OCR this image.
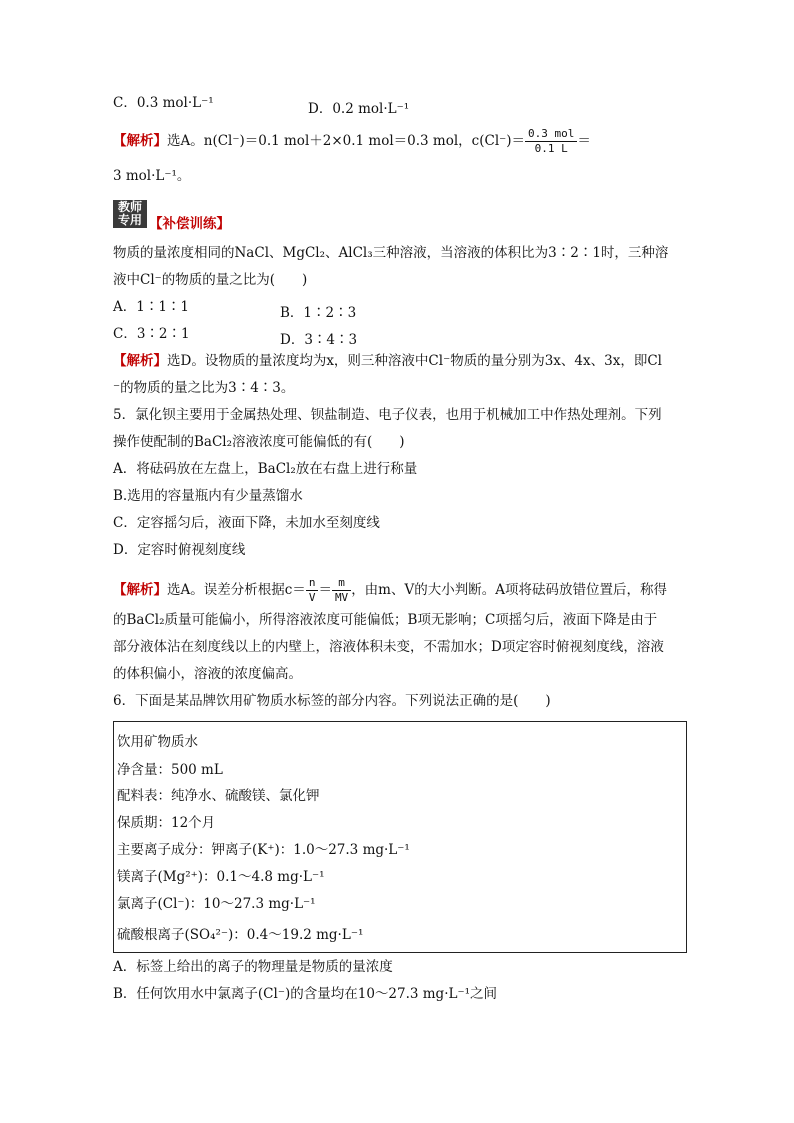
C．0.3 mol·L⁻¹	D．0.2 mol·L⁻¹
【解析】选A。n(Cl⁻)＝0.1 mol＋2×0.1 mol＝0.3 mol，$c(Cl^-)= \frac{\text{0.3 mol}}{0.1 L}$ ＝
3 mol·L⁻¹。
教师
专用 【补偿训练】
物质的量浓度相同的NaCl、MgCl₂、AlCl₃三种溶液，当溶液的体积比为3∶2∶1时，三种溶
液中Cl⁻的物质的量之比为(　　)
A．1∶1∶1	B．1∶2∶3
C．3∶2∶1	D．3∶4∶3
【解析】选D。设物质的量浓度均为x，则三种溶液中Cl⁻物质的量分别为3x、4x、3x，即Cl
⁻的物质的量之比为3∶4∶3。
5．氯化钡主要用于金属热处理、钡盐制造、电子仪表，也用于机械加工中作热处理剂。下列
操作使配制的BaCl₂溶液浓度可能偏低的有(　　)
A．将砝码放在左盘上，BaCl₂放在右盘上进行称量
B.选用的容量瓶内有少量蒸馏水
C．定容摇匀后，液面下降，未加水至刻度线
D．定容时俯视刻度线
【解析】选A。误差分析根据$c= \frac{n}{V} = \frac{m}{MV}$ ，由m、V的大小判断。A项将砝码放错位置后，称得
的BaCl₂质量可能偏小，所得溶液浓度可能偏低；B项无影响；C项摇匀后，液面下降是由于
部分液体沾在刻度线以上的内壁上，溶液体积未变，不需加水；D项定容时俯视刻度线，溶液
的体积偏小，溶液的浓度偏高。
6．下面是某品牌饮用矿物质水标签的部分内容。下列说法正确的是(　　)
饮用矿物质水
净含量：500 mL
配料表：纯净水、硫酸镁、氯化钾
保质期：12个月
主要离子成分：钾离子(K⁺)：1.0～27.3 mg·L⁻¹
镁离子(Mg²⁺)：0.1～4.8 mg·L⁻¹
氯离子(Cl⁻)：10～27.3 mg·L⁻¹
硫酸根离子(SO₄²⁻)：0.4～19.2 mg·L⁻¹
A．标签上给出的离子的物理量是物质的量浓度
B．任何饮用水中氯离子(Cl⁻)的含量均在10～27.3 mg·L⁻¹之间
